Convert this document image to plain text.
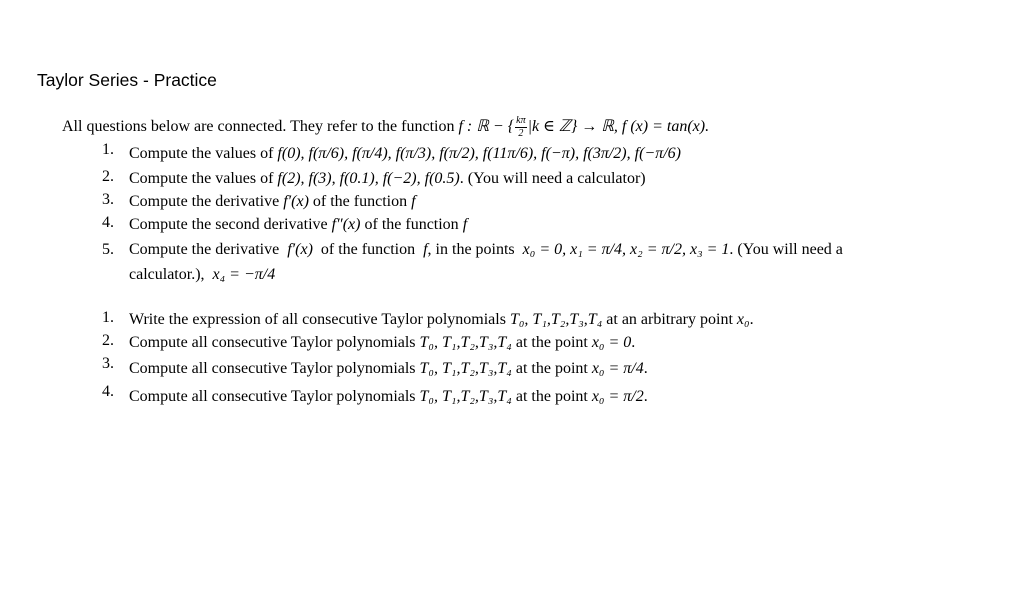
Taylor Series - Practice
All questions below are connected. They refer to the function f : ℝ − { $\frac{k\pi}{2} |k$ ∈ ℤ} → ℝ, f (x) = tan(x).
1. Compute the values of
f(0), f(π/6), f(π/4), f(π/3), f(π/2), f(11π/6), f(−π), f(3π/2), f(−π/6)
2. Compute the values of
f(2), f(3), f(0.1), f(−2), f(0.5) . (You will need a calculator)
3. Compute the derivative
f′(x)
of the function
f
4. Compute the second derivative
f″(x)
of the function
f
5. Compute the derivative  f′(x)  of the function  f, in the points  x₀ = 0, x₁ = π/4, x₂ = π/2, x₃ = 1. (You will need a
calculator.),  x₄ = −π/4
1. Write the expression of all consecutive Taylor polynomials
T₀, T₁,T₂,T₃,T₄
at an arbitrary point
x₀ .
2. Compute all consecutive Taylor polynomials
T₀, T₁,T₂,T₃,T₄
at the point
x₀ = 0 .
3. Compute all consecutive Taylor polynomials
T₀, T₁,T₂,T₃,T₄
at the point
x₀ = π/4 .
4. Compute all consecutive Taylor polynomials
T₀, T₁,T₂,T₃,T₄
at the point
x₀ = π/2 .
